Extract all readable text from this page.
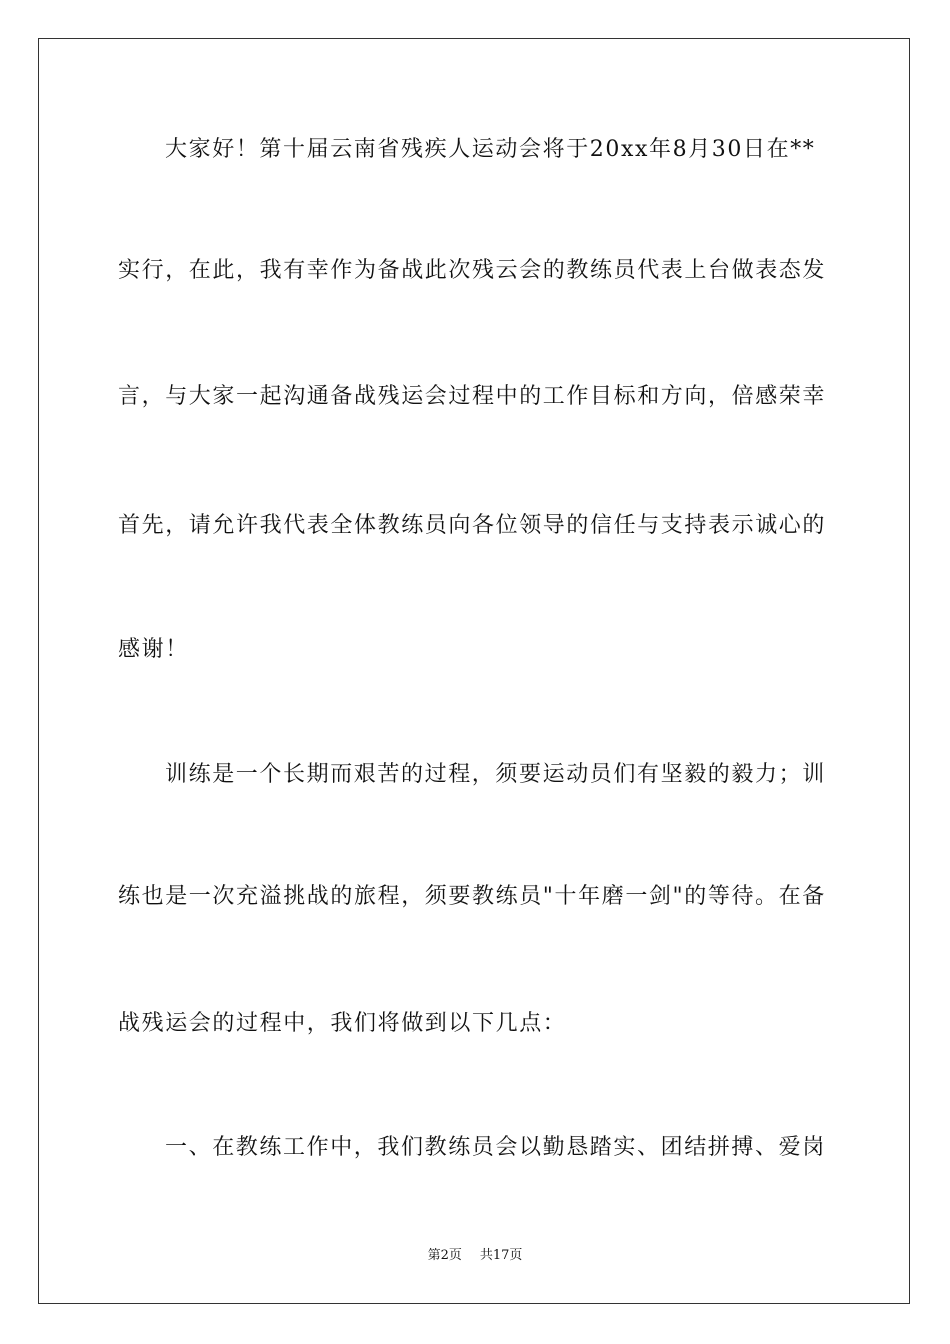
大家好！第十届云南省残疾人运动会将于20xx年8月30日在**
实行，在此，我有幸作为备战此次残云会的教练员代表上台做表态发
言，与大家一起沟通备战残运会过程中的工作目标和方向，倍感荣幸
首先，请允许我代表全体教练员向各位领导的信任与支持表示诚心的
感谢！
训练是一个长期而艰苦的过程，须要运动员们有坚毅的毅力；训
练也是一次充溢挑战的旅程，须要教练员"十年磨一剑"的等待。在备
战残运会的过程中，我们将做到以下几点：
一、在教练工作中，我们教练员会以勤恳踏实、团结拼搏、爱岗
第2页 共17页
